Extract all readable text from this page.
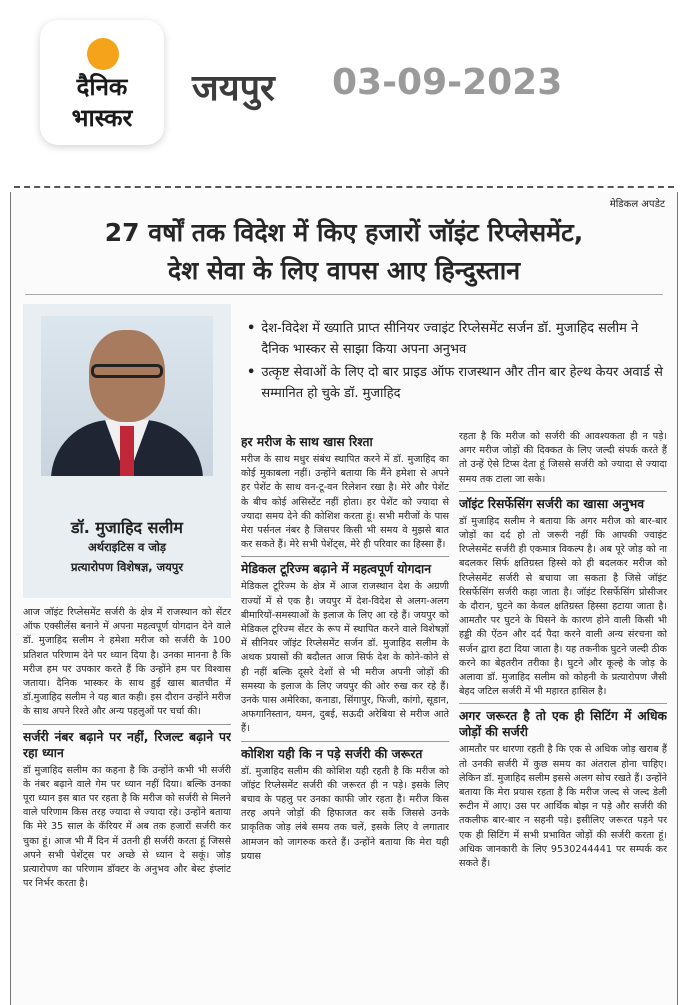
दैनिक
भास्कर
जयपुर 03-09-2023
मेडिकल अपडेट
27 वर्षों तक विदेश में किए हजारों जॉइंट रिप्लेसमेंट,
देश सेवा के लिए वापस आए हिन्दुस्तान
डॉ. मुजाहिद सलीम
अर्थराइटिस व जोड़
प्रत्यारोपण विशेषज्ञ, जयपुर
• देश-विदेश में ख्याति प्राप्त सीनियर ज्वाइंट रिप्लेसमेंट सर्जन डॉ. मुजाहिद सलीम ने दैनिक भास्कर से साझा किया अपना अनुभव
• उत्कृष्ट सेवाओं के लिए दो बार प्राइड ऑफ राजस्थान और तीन बार हेल्थ केयर अवार्ड से सम्मानित हो चुके डॉ. मुजाहिद
आज जॉइंट रिप्लेसमेंट सर्जरी के क्षेत्र में राजस्थान को सेंटर ऑफ एक्सीलेंस बनाने में अपना महत्वपूर्ण योगदान देने वाले डॉ. मुजाहिद सलीम ने हमेशा मरीज को सर्जरी के 100 प्रतिशत परिणाम देने पर ध्यान दिया है। उनका मानना है कि मरीज हम पर उपकार करते हैं कि उन्होंने हम पर विश्वास जताया। दैनिक भास्कर के साथ हुई खास बातचीत में डॉ.मुजाहिद सलीम ने यह बात कही। इस दौरान उन्होंने मरीज के साथ अपने रिश्ते और अन्य पहलुओं पर चर्चा की।
सर्जरी नंबर बढ़ाने पर नहीं, रिजल्ट बढ़ाने पर रहा ध्यान
डॉ मुजाहिद सलीम का कहना है कि उन्होंने कभी भी सर्जरी के नंबर बढ़ाने वाले गेम पर ध्यान नहीं दिया। बल्कि उनका पूरा ध्यान इस बात पर रहता है कि मरीज को सर्जरी से मिलने वाले परिणाम किस तरह ज्यादा से ज्यादा रहे। उन्होंने बताया कि मेरे 35 साल के कॅरियर में अब तक हजारों सर्जरी कर चुका हूं। आज भी मैं दिन में उतनी ही सर्जरी करता हूं जिससे अपने सभी पेशेंट्स पर अच्छे से ध्यान दे सकूं। जोड़ प्रत्यारोपण का परिणाम डॉक्टर के अनुभव और बेस्ट इंप्लांट पर निर्भर करता है।
हर मरीज के साथ खास रिश्ता
मरीज के साथ मधुर संबंध स्थापित करने में डॉ. मुजाहिद का कोई मुकाबला नहीं। उन्होंने बताया कि मैंने हमेशा से अपने हर पेशेंट के साथ वन-टू-वन रिलेशन रखा है। मेरे और पेशेंट के बीच कोई असिस्टेंट नहीं होता। हर पेशेंट को ज्यादा से ज्यादा समय देने की कोशिश करता हूं। सभी मरीजों के पास मेरा पर्सनल नंबर है जिसपर किसी भी समय वे मुझसे बात कर सकते हैं। मेरे सभी पेशेंट्स, मेरे ही परिवार का हिस्सा हैं।
मेडिकल टूरिज्म बढ़ाने में महत्वपूर्ण योगदान
मेडिकल टूरिज्म के क्षेत्र में आज राजस्थान देश के अग्रणी राज्यों में से एक है। जयपुर में देश-विदेश से अलग-अलग बीमारियों-समस्याओं के इलाज के लिए आ रहे हैं। जयपुर को मेडिकल टूरिज्म सेंटर के रूप में स्थापित करने वाले विशेषज्ञों में सीनियर जॉइंट रिप्लेसमेंट सर्जन डॉ. मुजाहिद सलीम के अथक प्रयासों की बदौलत आज सिर्फ देश के कोने-कोने से ही नहीं बल्कि दूसरे देशों से भी मरीज अपनी जोड़ों की समस्या के इलाज के लिए जयपुर की ओर रुख कर रहे हैं। उनके पास अमेरिका, कनाडा, सिंगापुर, फिजी, कांगो, सूडान, अफगानिस्तान, यमन, दुबई, सऊदी अरेबिया से मरीज आते हैं।
कोशिश यही कि न पड़े सर्जरी की जरूरत
डॉ. मुजाहिद सलीम की कोशिश यही रहती है कि मरीज को जॉइंट रिप्लेसमेंट सर्जरी की जरूरत ही न पड़े। इसके लिए बचाव के पहलु पर उनका काफी जोर रहता है। मरीज किस तरह अपने जोड़ों की हिफाजत कर सकें जिससे उनके प्राकृतिक जोड़ लंबे समय तक चलें, इसके लिए वे लगातार आमजन को जागरुक करते हैं। उन्होंने बताया कि मेरा यही प्रयास
रहता है कि मरीज को सर्जरी की आवश्यकता ही न पड़े। अगर मरीज जोड़ों की दिक्कत के लिए जल्दी संपर्क करते हैं तो उन्हें ऐसे टिप्स देता हूं जिससे सर्जरी को ज्यादा से ज्यादा समय तक टाला जा सके।
जॉइंट रिसर्फेसिंग सर्जरी का खासा अनुभव
डॉ मुजाहिद सलीम ने बताया कि अगर मरीज को बार-बार जोड़ों का दर्द हो तो जरूरी नहीं कि आपकी ज्वाइंट रिप्लेसमेंट सर्जरी ही एकमात्र विकल्प है। अब पूरे जोड़ को ना बदलकर सिर्फ क्षतिग्रस्त हिस्से को ही बदलकर मरीज को रिप्लेसमेंट सर्जरी से बचाया जा सकता है जिसे जॉइंट रिसर्फेसिंग सर्जरी कहा जाता है। जॉइंट रिसर्फेसिंग प्रोसीजर के दौरान, घुटने का केवल क्षतिग्रस्त हिस्सा हटाया जाता है। आमतौर पर घुटने के घिसने के कारण होने वाली किसी भी हड्डी की ऐंठन और दर्द पैदा करने वाली अन्य संरचना को सर्जन द्वारा हटा दिया जाता है। यह तकनीक घुटने जल्दी ठीक करने का बेहतरीन तरीका है। घुटने और कूल्हे के जोड़ के अलावा डॉ. मुजाहिद सलीम को कोहनी के प्रत्यारोपण जैसी बेहद जटिल सर्जरी में भी महारत हासिल है।
अगर जरूरत है तो एक ही सिटिंग में अधिक जोड़ों की सर्जरी
आमतौर पर धारणा रहती है कि एक से अधिक जोड़ खराब हैं तो उनकी सर्जरी में कुछ समय का अंतराल होना चाहिए। लेकिन डॉ. मुजाहिद सलीम इससे अलग सोच रखते हैं। उन्होंने बताया कि मेरा प्रयास रहता है कि मरीज जल्द से जल्द डेली रूटीन में आए। उस पर आर्थिक बोझ न पड़े और सर्जरी की तकलीफ बार-बार न सहनी पड़े। इसीलिए जरूरत पड़ने पर एक ही सिटिंग में सभी प्रभावित जोड़ों की सर्जरी करता हूं। अधिक जानकारी के लिए 9530244441 पर सम्पर्क कर सकते हैं।
